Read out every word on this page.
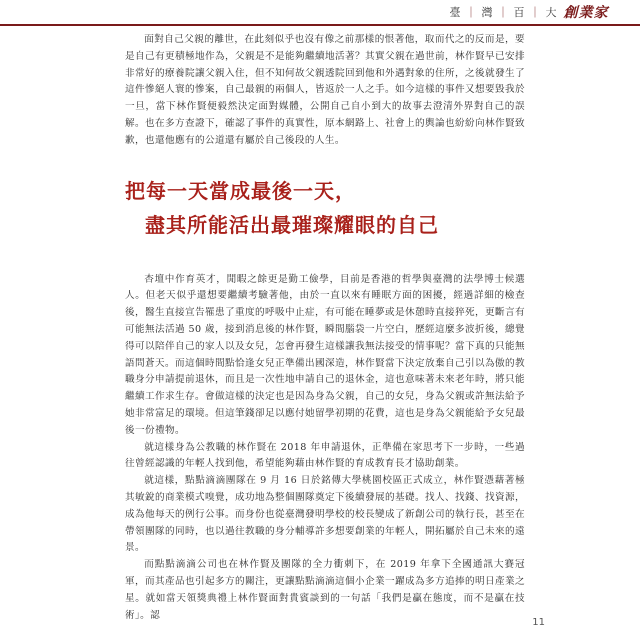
臺 ｜ 灣 ｜ 百 ｜ 大 創業家

面對自己父親的離世，在此刻似乎也沒有像之前那樣的恨著他，取而代之的反而是，要是自己有更積極地作為，父親是不是能夠繼續地活著？其實父親在過世前，林作賢早已安排非常好的療養院讓父親入住，但不知何故父親透院回到他和外遇對象的住所，之後就發生了這件慘絕人寰的慘案，自己最親的兩個人，皆返於一人之手。如今這樣的事件又想要毀我於一旦，當下林作賢便毅然決定面對媒體，公開自己自小到大的故事去澄清外界對自己的誤解。也在多方查證下，確認了事件的真實性，原本網路上、社會上的輿論也紛紛向林作賢致歉，也還他應有的公道還有屬於自己後段的人生。

把每一天當成最後一天，
盡其所能活出最璀璨耀眼的自己

杏壇中作育英才，閒暇之餘更是勤工儉學，目前是香港的哲學與臺灣的法學博士候選人。但老天似乎還想要繼續考驗著他，由於一直以來有睡眠方面的困擾，經過詳細的檢查後，醫生直接宣告罹患了重度的呼吸中止症，有可能在睡夢或是休憩時直接猝死，更斷言有可能無法活過 50 歲，接到消息後的林作賢，瞬間腦袋一片空白，歷經這麼多波折後，總覺得可以陪伴自己的家人以及女兒，怎會再發生這樣讓我無法接受的情事呢？當下真的只能無語問蒼天。而這個時間點恰逢女兒正準備出國深造，林作賢當下決定放棄自己引以為傲的教職身分申請提前退休，而且是一次性地申請自己的退休金，這也意味著未來老年時，將只能繼續工作求生存。會做這樣的決定也是因為身為父親，自己的女兒，身為父親或許無法給予她非常富足的環境。但這筆錢卻足以應付她留學初期的花費，這也是身為父親能給予女兒最後一份禮物。

就這樣身為公教職的林作賢在 2018 年申請退休，正準備在家思考下一步時，一些過往曾經認識的年輕人找到他，希望能夠藉由林作賢的育成教育長才協助創業。

就這樣，點點滴滴團隊在 9 月 16 日於銘傳大學桃園校區正式成立，林作賢憑藉著極其敏銳的商業模式嗅覺，成功地為整個團隊奠定下後續發展的基礎。找人、找錢、找資源，成為他每天的例行公事。而身份也從臺灣發明學校的校長變成了新創公司的執行長，甚至在帶領團隊的同時，也以過往教職的身分輔導許多想要創業的年輕人，開拓屬於自己未來的遠景。

而點點滴滴公司也在林作賢及團隊的全力衝刺下，在 2019 年拿下全國通訊大賽冠軍，而其產品也引起多方的關注，更讓點點滴滴這個小企業一躍成為多方追捧的明日產業之星。就如當天領獎典禮上林作賢面對貴賓談到的一句話「我們是贏在態度，而不是贏在技術」。認

11
